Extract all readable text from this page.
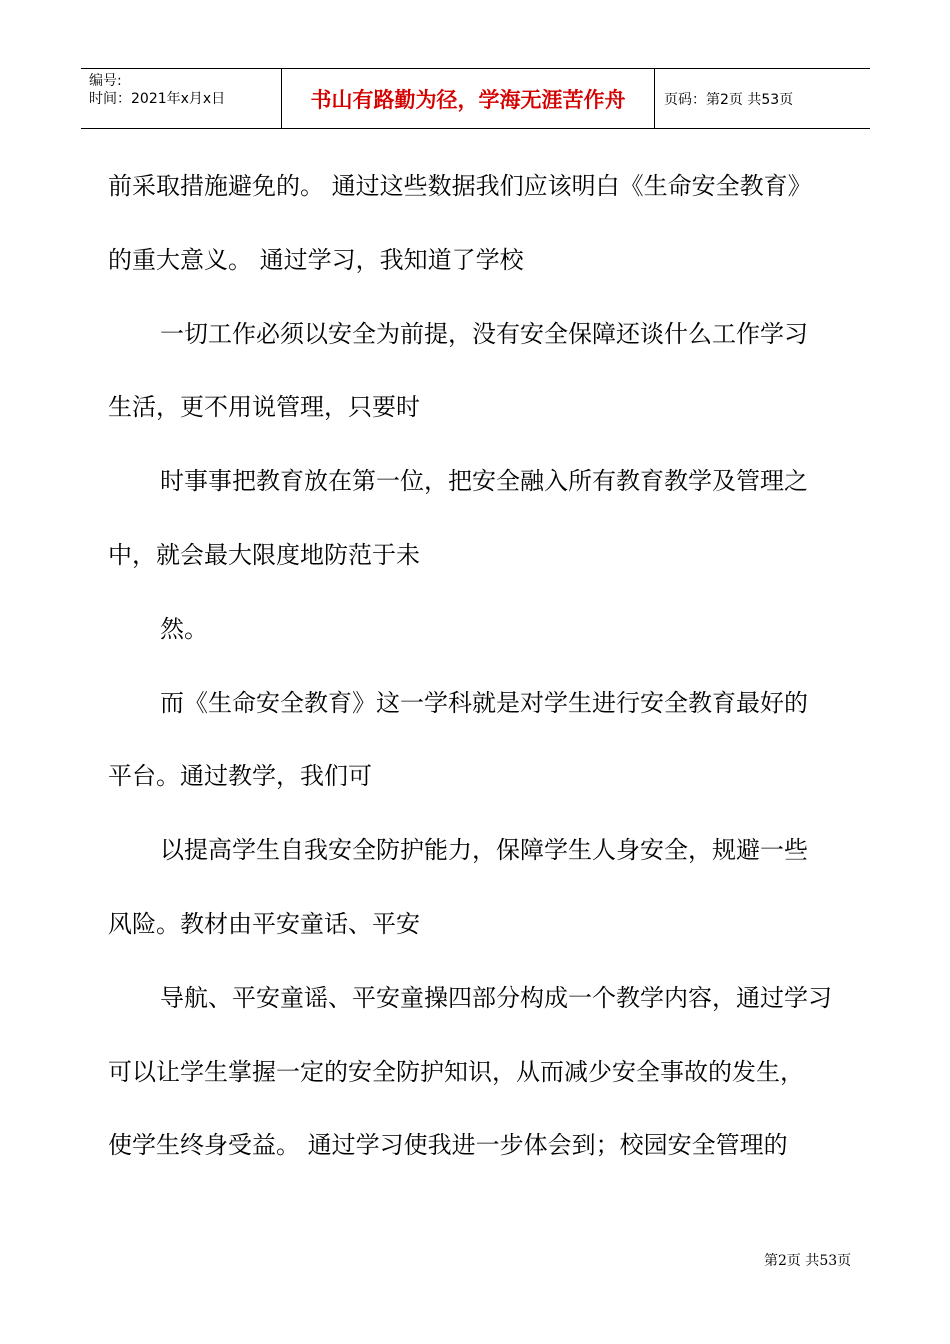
编号:
时间：2021年x月x日	书山有路勤为径，学海无涯苦作舟	页码：第2页 共53页
前采取措施避免的。 通过这些数据我们应该明白《生命安全教育》
的重大意义。 通过学习，我知道了学校
一切工作必须以安全为前提，没有安全保障还谈什么工作学习
生活，更不用说管理，只要时
时事事把教育放在第一位，把安全融入所有教育教学及管理之
中，就会最大限度地防范于未
然。
而《生命安全教育》这一学科就是对学生进行安全教育最好的
平台。通过教学，我们可
以提高学生自我安全防护能力，保障学生人身安全，规避一些
风险。教材由平安童话、平安
导航、平安童谣、平安童操四部分构成一个教学内容，通过学习
可以让学生掌握一定的安全防护知识，从而减少安全事故的发生，
使学生终身受益。 通过学习使我进一步体会到；校园安全管理的
第2页 共53页
